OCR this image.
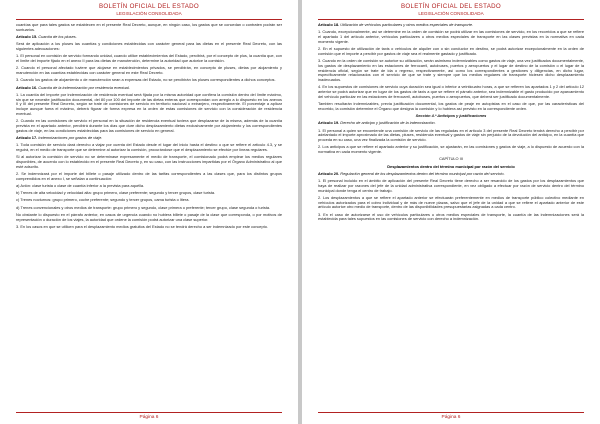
BOLETÍN OFICIAL DEL ESTADO
LEGISLACIÓN CONSOLIDADA

cuantías que para tales gastos se establecen en el presente Real Decreto, aunque, en ningún caso, los gastos que se concedan o contraten podrán ser suntuarios.

Artículo 15. Cuantía de los pluses.

Será de aplicación a los pluses las cuantías y condiciones establecidas con carácter general para las dietas en el presente Real Decreto, con las siguientes adecuaciones:

1. El personal en comisión de servicio formando unidad, cuando utilice establecimientos del Estado, percibirá, por el concepto de plus, la cuantía que, con el límite del importe fijado en el anexo II para las dietas de manutención, determine la autoridad que autorice la comisión.

2. Cuando el personal afectado tuviere que alojarse en establecimientos privados, se percibirán, en concepto de pluses, dietas por alojamiento y manutención en las cuantías establecidas con carácter general en este Real Decreto.

3. Cuando los gastos de alojamiento o de manutención sean a expensas del Estado, no se percibirán los pluses correspondientes a dichos conceptos.

Artículo 16. Cuantía de la indemnización por residencia eventual.

1. La cuantía del importe por indemnización de residencia eventual será fijada por la misma autoridad que confiera la comisión dentro del límite máximo, sin que se necesite justificación documental, del 80 por 100 del importe de las dietas enteras que correspondan con arreglo a lo dispuesto en los anexos II y III del presente Real Decreto, según se trate de comisiones de servicio en territorio nacional o extranjero, respectivamente. El porcentaje a aplicar incluye aunque fuera el máximo, deberá figurar de forma expresa en la orden de estas comisiones de servicio con la consideración de residencia eventual.

2. Cuando en las comisiones de servicio el personal en la situación de residencia eventual tuviera que desplazarse de la misma, además de la cuantía prevista en el apartado anterior, percibirá durante los días que dure dicho desplazamiento dietas exclusivamente por alojamiento y los correspondientes gastos de viaje, en las condiciones establecidas para las comisiones de servicio en general.

Artículo 17. Indemnizaciones por gastos de viaje.

1. Toda comisión de servicio dará derecho a viajar por cuenta del Estado desde el lugar del inicio hasta el destino o que se refiere el artículo 4.3, y se reguirá, en el medio de transporte que se determine al autorizar la comisión, procurándose que el desplazamiento se efectúe por líneas regulares.

Si al autorizar la comisión de servicio no se determinase expresamente el medio de transporte, el comisionado podrá emplear los medios regulares disponibles, de acuerdo con lo establecido en el presente Real Decreto y, en su caso, con las instrucciones impartidas por el Órgano Administrativo al que esté adscrito.

2. Se indemnizará por el importe del billete o pasaje utilizado dentro de las tarifas correspondientes a las clases que, para los distintos grupos comprendidos en el anexo I, se señalan a continuación:

a) Avión: clase turista o clase de cuantía inferior a la prevista para aquélla.

b) Trenes de alta velocidad y velocidad alta: grupo primero, clase preferente; segundo y tercer grupos, clase turista.

c) Trenes nocturnos: grupo primero, coche preferente; segundo y tercer grupos, cama turista o litera.

d) Trenes convencionales y otros medios de transporte: grupo primero y segundo, clase primera o preferente; tercer grupo, clase segunda o turista.

No obstante lo dispuesto en el párrafo anterior, en casos de urgencia cuando no hubiera billete o pasaje de la clase que corresponda, o por motivos de representación o duración de los viajes, la autoridad que ordene la comisión podrá autorizar una clase superior.

3. En los casos en que se utilicen para el desplazamiento medios gratuitos del Estado no se tendrá derecho a ser indemnizado por este concepto.

Página 6
BOLETÍN OFICIAL DEL ESTADO
LEGISLACIÓN CONSOLIDADA

Artículo 18. Utilización de vehículos particulares y otros medios especiales de transporte.

1. Cuando, excepcionalmente, así se determine en la orden de comisión se podrá utilizar en las comisiones de servicio, en los recorridos a que se refiere el apartado 1 del artículo anterior, vehículos particulares u otros medios especiales de transporte en las clases previstas en la normativa en cada momento vigente.

2. En el supuesto de utilización de taxis o vehículos de alquiler con o sin conductor en destino, se podrá autorizar excepcionalmente en la orden de comisión que el importe a percibir por gastos de viaje sea el realmente gastado y justificado.

3. Cuando en la orden de comisión se autorice su utilización, serán asimismo indemnizables como gastos de viaje, una vez justificados documentalmente, los gastos de desplazamiento en las estaciones de ferrocarril, autobuses, puertos y aeropuertos y el lugar de destino de la comisión o el lugar de la residencia oficial, según se trate de ida o regreso, respectivamente, así como los correspondientes a gestiones y diligencias, en dicho lugar, específicamente relacionados con el servicio de que se trate y siempre que los medios regulares de transporte hiciesen dicho desplazamiento inadecuados.

4. En los supuestos de comisiones de servicio cuya duración sea igual o inferior a veinticuatro horas, a que se refieren los apartados 1 y 2 del artículo 12 anterior se podrá autorizar que en lugar de los gastos de taxis a que se refiere el párrafo anterior, sea indemnizable el gasto producido por aparcamiento del vehículo particular en las estaciones de ferrocarril, autobuses, puertos o aeropuertos, que deberá ser justificado documentalmente.

Tambien resultarán indemnizables, previa justificación documental, los gastos de peaje en autopistas en el caso de que, por las características del recorrido, la comisión determine el Órgano que designa la comisión y lo hubiera así previsto en la correspondiente orden.

Sección 4.ª Anticipos y justificaciones

Artículo 19. Derecho de anticipo y justificación de la indemnización.

1. El personal a quien se encomiende una comisión de servicio de las reguladas en el artículo 3 del presente Real Decreto tendrá derecho a percibir por adelantado el importe aproximado de las dietas, pluses, residencia eventual y gastos de viaje sin perjuicio de la devolución del anticipo, en la cuantía que proceda en su caso, una vez finalizada la comisión de servicio.

2. Los anticipos a que se refiere el apartado anterior y su justificación, se ajustarán, en las comisiones y gastos de viaje, a lo dispuesto de acuerdo con la normativa en cada momento vigente.

CAPÍTULO III

Desplazamientos dentro del término municipal por razón del servicio

Artículo 20. Regulación general de los desplazamientos dentro del término municipal por razón del servicio.

1. El personal incluido en el ámbito de aplicación del presente Real Decreto tiene derecho a ser resarcido de los gastos por los desplazamientos que haya de realizar por razones del jefe de la unidad administrativa correspondiente, en vez obligado a efectuar por razón de servicio dentro del término municipal donde tenga el centro de trabajo.

2. Los desplazamientos a que se refiere el apartado anterior se efectuarán preferentemente en medios de transporte público colectivo mediante en vehículos autorizados para el cobro individual y de más de nueve plazas, salvo que el jefe de la unidad a que se refiere el apartado anterior de este artículo autorice otro medio de transporte, dentro de las disponibilidades presupuestarias asignadas a cada centro.

3. En el caso de autorizarse el uso de vehículos particulares u otros medios especiales de transporte, la cuantía de las indemnizaciones será la establecida para tales supuestos en las comisiones de servicio con derecho a indemnización.

Página 6
